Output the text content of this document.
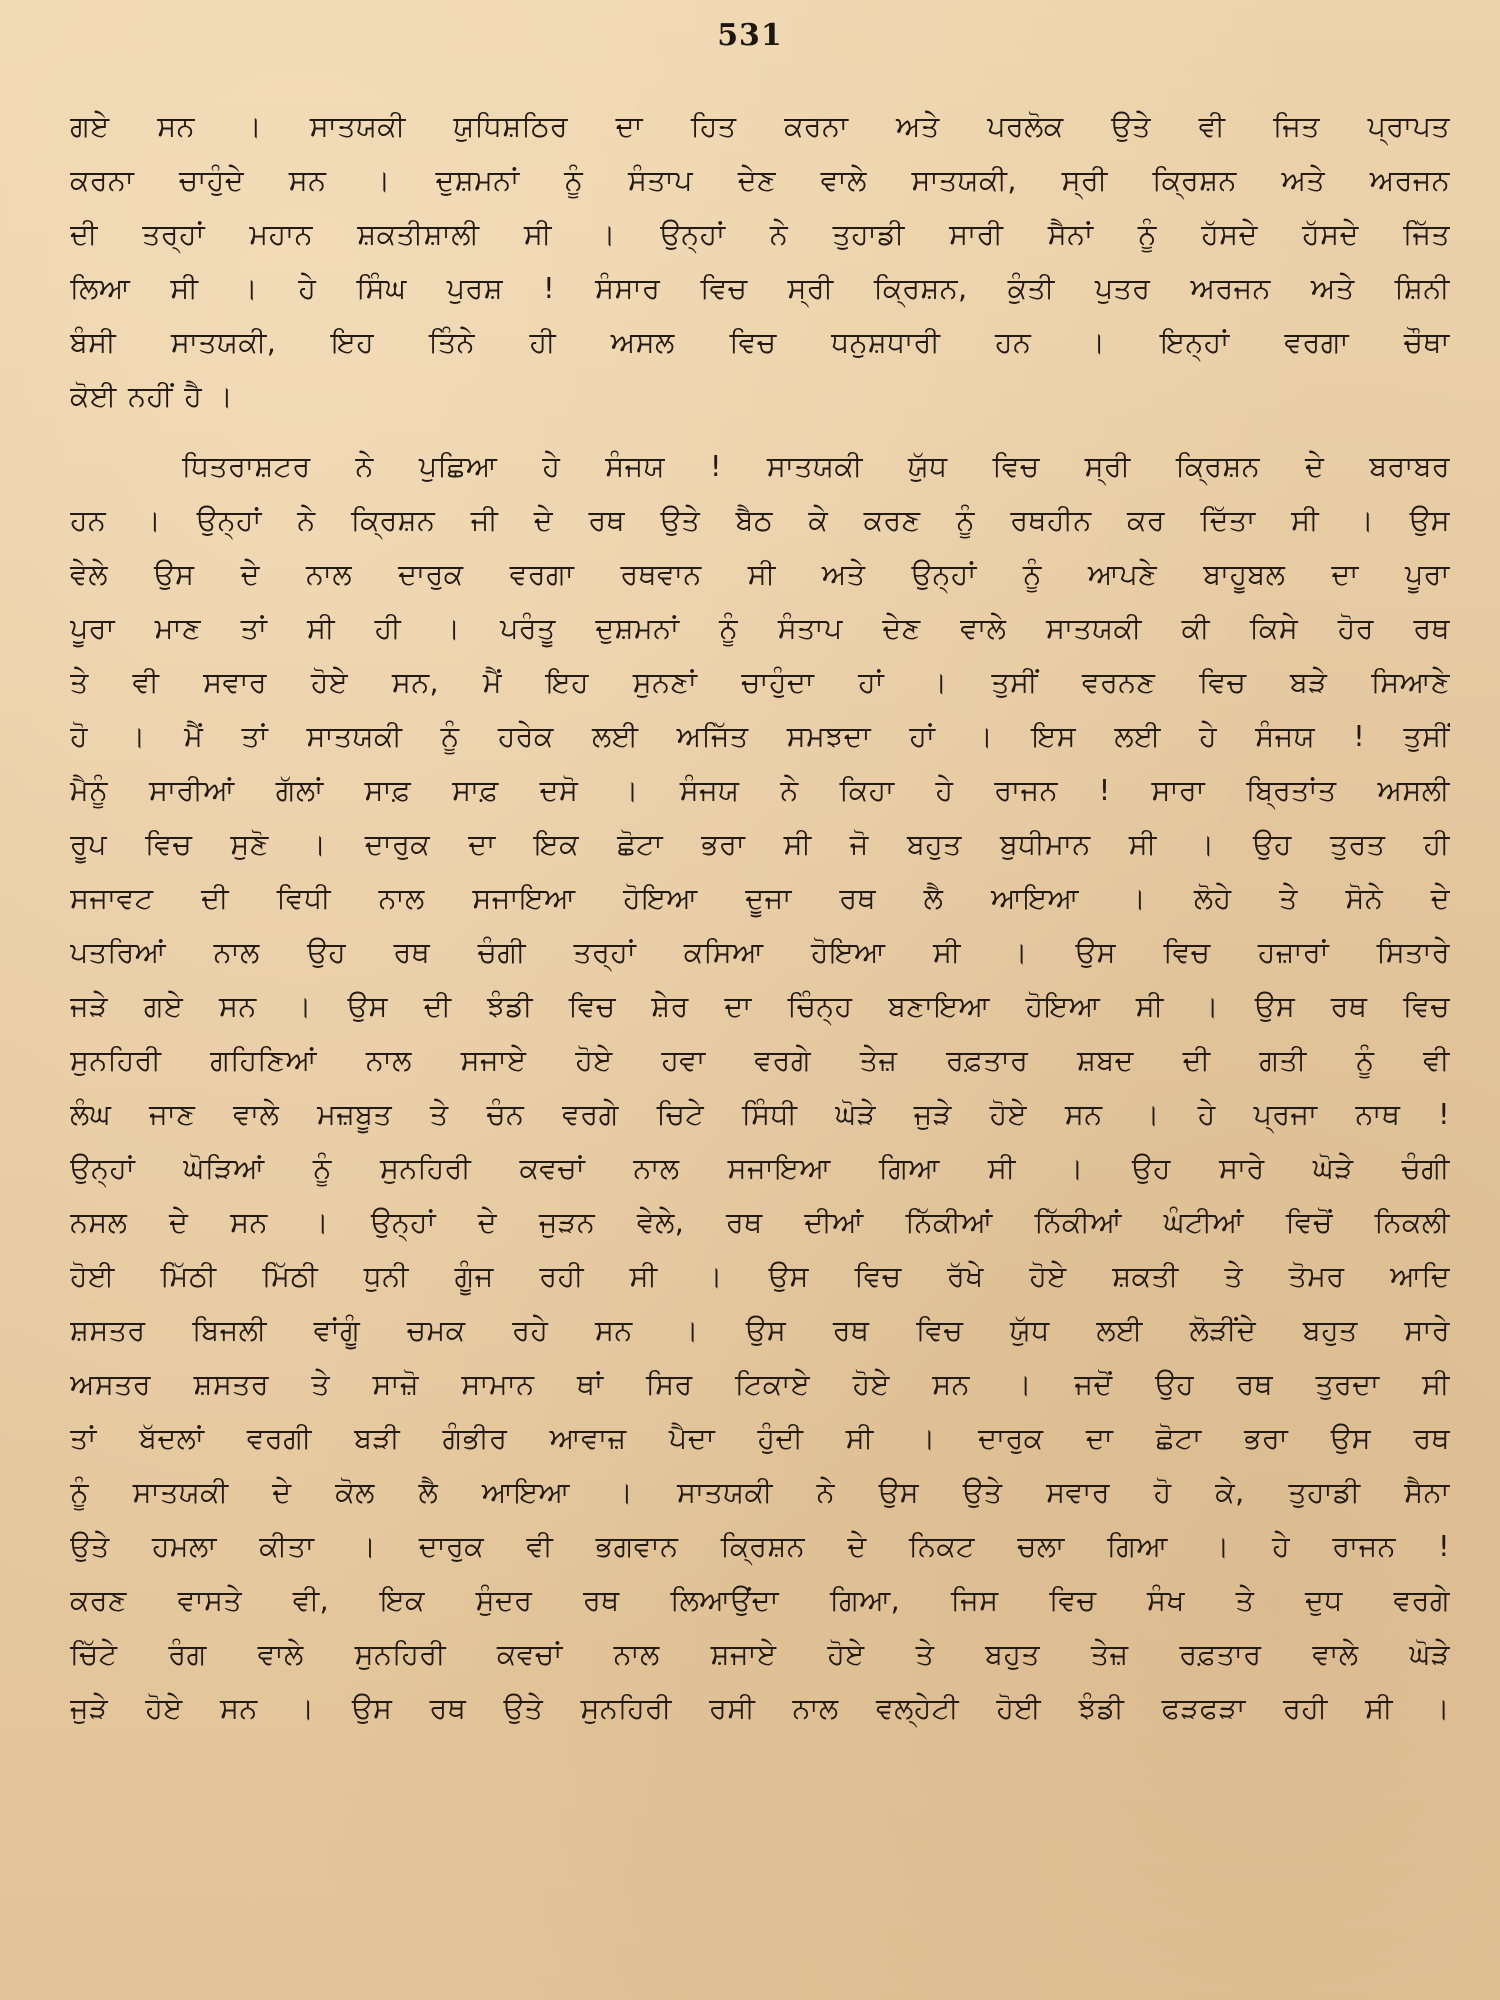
531
ਗਏ ਸਨ । ਸਾਤਯਕੀ ਯੁਧਿਸ਼ਠਿਰ ਦਾ ਹਿਤ ਕਰਨਾ ਅਤੇ ਪਰਲੋਕ ਉਤੇ ਵੀ ਜਿਤ ਪ੍ਰਾਪਤ
ਕਰਨਾ ਚਾਹੁੰਦੇ ਸਨ । ਦੁਸ਼ਮਨਾਂ ਨੂੰ ਸੰਤਾਪ ਦੇਣ ਵਾਲੇ ਸਾਤਯਕੀ, ਸ੍ਰੀ ਕ੍ਰਿਸ਼ਨ ਅਤੇ ਅਰਜਨ
ਦੀ ਤਰ੍ਹਾਂ ਮਹਾਨ ਸ਼ਕਤੀਸ਼ਾਲੀ ਸੀ । ਉਨ੍ਹਾਂ ਨੇ ਤੁਹਾਡੀ ਸਾਰੀ ਸੈਨਾਂ ਨੂੰ ਹੱਸਦੇ ਹੱਸਦੇ ਜਿੱਤ
ਲਿਆ ਸੀ । ਹੇ ਸਿੰਘ ਪੁਰਸ਼ ! ਸੰਸਾਰ ਵਿਚ ਸ੍ਰੀ ਕ੍ਰਿਸ਼ਨ, ਕੁੰਤੀ ਪੁਤਰ ਅਰਜਨ ਅਤੇ ਸ਼ਿਨੀ
ਬੰਸੀ ਸਾਤਯਕੀ, ਇਹ ਤਿੰਨੇ ਹੀ ਅਸਲ ਵਿਚ ਧਨੁਸ਼ਧਾਰੀ ਹਨ । ਇਨ੍ਹਾਂ ਵਰਗਾ ਚੌਥਾ
ਕੋਈ ਨਹੀਂ ਹੈ ।
ਧਿਤਰਾਸ਼ਟਰ ਨੇ ਪੁਛਿਆ ਹੇ ਸੰਜਯ ! ਸਾਤਯਕੀ ਯੁੱਧ ਵਿਚ ਸ੍ਰੀ ਕ੍ਰਿਸ਼ਨ ਦੇ ਬਰਾਬਰ
ਹਨ । ਉਨ੍ਹਾਂ ਨੇ ਕ੍ਰਿਸ਼ਨ ਜੀ ਦੇ ਰਥ ਉਤੇ ਬੈਠ ਕੇ ਕਰਣ ਨੂੰ ਰਥਹੀਨ ਕਰ ਦਿੱਤਾ ਸੀ । ਉਸ
ਵੇਲੇ ਉਸ ਦੇ ਨਾਲ ਦਾਰੁਕ ਵਰਗਾ ਰਥਵਾਨ ਸੀ ਅਤੇ ਉਨ੍ਹਾਂ ਨੂੰ ਆਪਣੇ ਬਾਹੂਬਲ ਦਾ ਪੂਰਾ
ਪੂਰਾ ਮਾਣ ਤਾਂ ਸੀ ਹੀ । ਪਰੰਤੂ ਦੁਸ਼ਮਨਾਂ ਨੂੰ ਸੰਤਾਪ ਦੇਣ ਵਾਲੇ ਸਾਤਯਕੀ ਕੀ ਕਿਸੇ ਹੋਰ ਰਥ
ਤੇ ਵੀ ਸਵਾਰ ਹੋਏ ਸਨ, ਮੈਂ ਇਹ ਸੁਨਣਾਂ ਚਾਹੁੰਦਾ ਹਾਂ । ਤੁਸੀਂ ਵਰਨਣ ਵਿਚ ਬੜੇ ਸਿਆਣੇ
ਹੋ । ਮੈਂ ਤਾਂ ਸਾਤਯਕੀ ਨੂੰ ਹਰੇਕ ਲਈ ਅਜਿੱਤ ਸਮਝਦਾ ਹਾਂ । ਇਸ ਲਈ ਹੇ ਸੰਜਯ ! ਤੁਸੀਂ
ਮੈਨੂੰ ਸਾਰੀਆਂ ਗੱਲਾਂ ਸਾਫ਼ ਸਾਫ਼ ਦਸੋ । ਸੰਜਯ ਨੇ ਕਿਹਾ ਹੇ ਰਾਜਨ ! ਸਾਰਾ ਬ੍ਰਿਤਾਂਤ ਅਸਲੀ
ਰੂਪ ਵਿਚ ਸੁਣੋ । ਦਾਰੁਕ ਦਾ ਇਕ ਛੋਟਾ ਭਰਾ ਸੀ ਜੋ ਬਹੁਤ ਬੁਧੀਮਾਨ ਸੀ । ਉਹ ਤੁਰਤ ਹੀ
ਸਜਾਵਟ ਦੀ ਵਿਧੀ ਨਾਲ ਸਜਾਇਆ ਹੋਇਆ ਦੂਜਾ ਰਥ ਲੈ ਆਇਆ । ਲੋਹੇ ਤੇ ਸੋਨੇ ਦੇ
ਪਤਰਿਆਂ ਨਾਲ ਉਹ ਰਥ ਚੰਗੀ ਤਰ੍ਹਾਂ ਕਸਿਆ ਹੋਇਆ ਸੀ । ਉਸ ਵਿਚ ਹਜ਼ਾਰਾਂ ਸਿਤਾਰੇ
ਜੜੇ ਗਏ ਸਨ । ਉਸ ਦੀ ਝੰਡੀ ਵਿਚ ਸ਼ੇਰ ਦਾ ਚਿੰਨ੍ਹ ਬਣਾਇਆ ਹੋਇਆ ਸੀ । ਉਸ ਰਥ ਵਿਚ
ਸੁਨਹਿਰੀ ਗਹਿਣਿਆਂ ਨਾਲ ਸਜਾਏ ਹੋਏ ਹਵਾ ਵਰਗੇ ਤੇਜ਼ ਰਫ਼ਤਾਰ ਸ਼ਬਦ ਦੀ ਗਤੀ ਨੂੰ ਵੀ
ਲੰਘ ਜਾਣ ਵਾਲੇ ਮਜ਼ਬੂਤ ਤੇ ਚੰਨ ਵਰਗੇ ਚਿਟੇ ਸਿੰਧੀ ਘੋੜੇ ਜੁੜੇ ਹੋਏ ਸਨ । ਹੇ ਪ੍ਰਜਾ ਨਾਥ !
ਉਨ੍ਹਾਂ ਘੋੜਿਆਂ ਨੂੰ ਸੁਨਹਿਰੀ ਕਵਚਾਂ ਨਾਲ ਸਜਾਇਆ ਗਿਆ ਸੀ । ਉਹ ਸਾਰੇ ਘੋੜੇ ਚੰਗੀ
ਨਸਲ ਦੇ ਸਨ । ਉਨ੍ਹਾਂ ਦੇ ਜੁੜਨ ਵੇਲੇ, ਰਥ ਦੀਆਂ ਨਿੱਕੀਆਂ ਨਿੱਕੀਆਂ ਘੰਟੀਆਂ ਵਿਚੋਂ ਨਿਕਲੀ
ਹੋਈ ਮਿੱਠੀ ਮਿੱਠੀ ਧੁਨੀ ਗੂੰਜ ਰਹੀ ਸੀ । ਉਸ ਵਿਚ ਰੱਖੇ ਹੋਏ ਸ਼ਕਤੀ ਤੇ ਤੋਮਰ ਆਦਿ
ਸ਼ਸਤਰ ਬਿਜਲੀ ਵਾਂਗੂੰ ਚਮਕ ਰਹੇ ਸਨ । ਉਸ ਰਥ ਵਿਚ ਯੁੱਧ ਲਈ ਲੋੜੀਂਦੇ ਬਹੁਤ ਸਾਰੇ
ਅਸਤਰ ਸ਼ਸਤਰ ਤੇ ਸਾਜ਼ੋ ਸਾਮਾਨ ਥਾਂ ਸਿਰ ਟਿਕਾਏ ਹੋਏ ਸਨ । ਜਦੋਂ ਉਹ ਰਥ ਤੁਰਦਾ ਸੀ
ਤਾਂ ਬੱਦਲਾਂ ਵਰਗੀ ਬੜੀ ਗੰਭੀਰ ਆਵਾਜ਼ ਪੈਦਾ ਹੁੰਦੀ ਸੀ । ਦਾਰੁਕ ਦਾ ਛੋਟਾ ਭਰਾ ਉਸ ਰਥ
ਨੂੰ ਸਾਤਯਕੀ ਦੇ ਕੋਲ ਲੈ ਆਇਆ । ਸਾਤਯਕੀ ਨੇ ਉਸ ਉਤੇ ਸਵਾਰ ਹੋ ਕੇ, ਤੁਹਾਡੀ ਸੈਨਾ
ਉਤੇ ਹਮਲਾ ਕੀਤਾ । ਦਾਰੁਕ ਵੀ ਭਗਵਾਨ ਕ੍ਰਿਸ਼ਨ ਦੇ ਨਿਕਟ ਚਲਾ ਗਿਆ । ਹੇ ਰਾਜਨ !
ਕਰਣ ਵਾਸਤੇ ਵੀ, ਇਕ ਸੁੰਦਰ ਰਥ ਲਿਆਉਂਦਾ ਗਿਆ, ਜਿਸ ਵਿਚ ਸੰਖ ਤੇ ਦੁਧ ਵਰਗੇ
ਚਿੱਟੇ ਰੰਗ ਵਾਲੇ ਸੁਨਹਿਰੀ ਕਵਚਾਂ ਨਾਲ ਸ਼ਜਾਏ ਹੋਏ ਤੇ ਬਹੁਤ ਤੇਜ਼ ਰਫ਼ਤਾਰ ਵਾਲੇ ਘੋੜੇ
ਜੁੜੇ ਹੋਏ ਸਨ । ਉਸ ਰਥ ਉਤੇ ਸੁਨਹਿਰੀ ਰਸੀ ਨਾਲ ਵਲ੍ਹੇਟੀ ਹੋਈ ਝੰਡੀ ਫੜਫੜਾ ਰਹੀ ਸੀ ।
